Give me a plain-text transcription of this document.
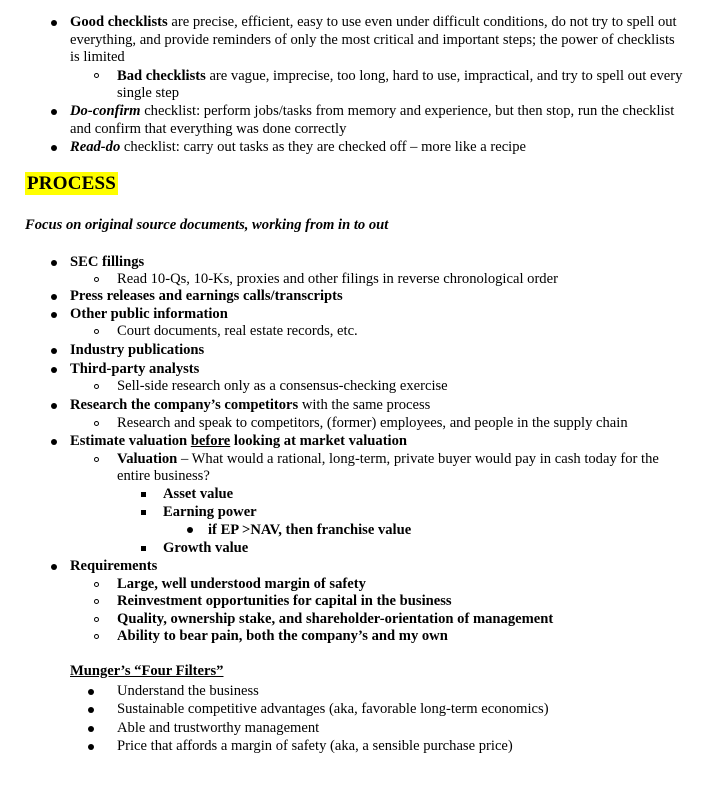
Good checklists are precise, efficient, easy to use even under difficult conditions, do not try to spell out
everything, and provide reminders of only the most critical and important steps; the power of checklists
is limited
Bad checklists are vague, imprecise, too long, hard to use, impractical, and try to spell out every
single step
Do-confirm checklist: perform jobs/tasks from memory and experience, but then stop, run the checklist
and confirm that everything was done correctly
Read-do checklist: carry out tasks as they are checked off – more like a recipe
PROCESS
Focus on original source documents, working from in to out
SEC fillings
Read 10-Qs, 10-Ks, proxies and other filings in reverse chronological order
Press releases and earnings calls/transcripts
Other public information
Court documents, real estate records, etc.
Industry publications
Third-party analysts
Sell-side research only as a consensus-checking exercise
Research the company’s competitors with the same process
Research and speak to competitors, (former) employees, and people in the supply chain
Estimate valuation before looking at market valuation
Valuation – What would a rational, long-term, private buyer would pay in cash today for the
entire business?
Asset value
Earning power
if EP >NAV, then franchise value
Growth value
Requirements
Large, well understood margin of safety
Reinvestment opportunities for capital in the business
Quality, ownership stake, and shareholder-orientation of management
Ability to bear pain, both the company’s and my own
Munger’s “Four Filters”
Understand the business
Sustainable competitive advantages (aka, favorable long-term economics)
Able and trustworthy management
Price that affords a margin of safety (aka, a sensible purchase price)
